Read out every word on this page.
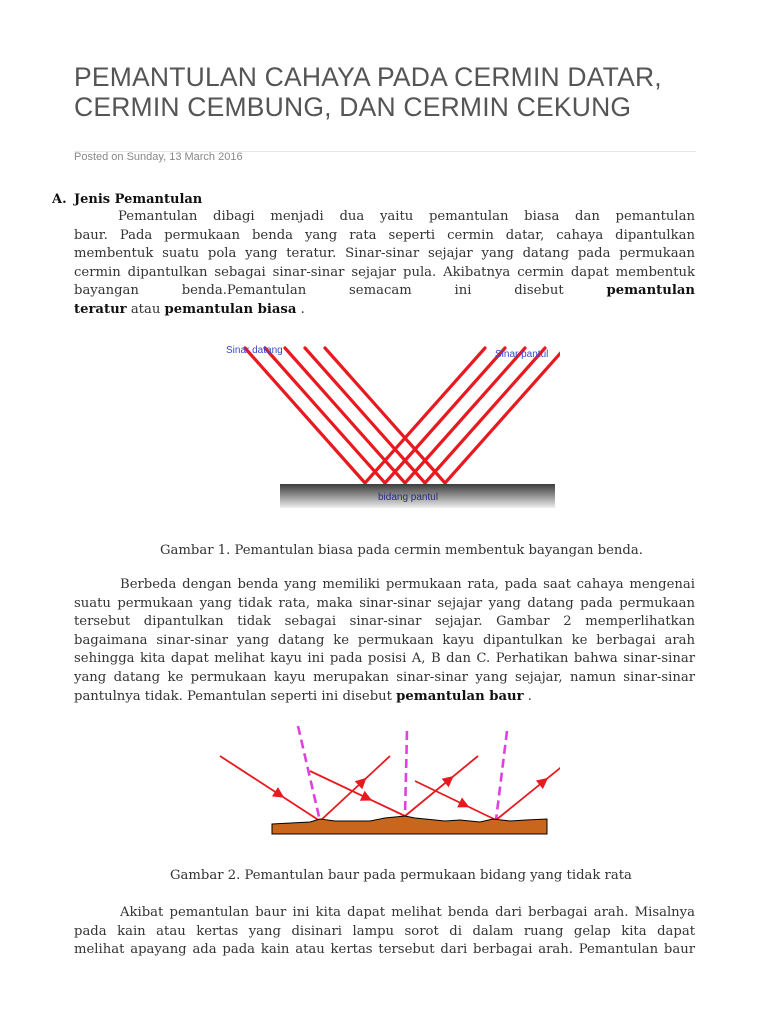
PEMANTULAN CAHAYA PADA CERMIN DATAR, CERMIN CEMBUNG, DAN CERMIN CEKUNG
Posted on Sunday, 13 March 2016
A. Jenis Pemantulan
Pemantulan dibagi menjadi dua yaitu pemantulan biasa dan pemantulan
baur. Pada permukaan benda yang rata seperti cermin datar, cahaya dipantulkan
membentuk suatu pola yang teratur. Sinar-sinar sejajar yang datang pada permukaan
cermin dipantulkan sebagai sinar-sinar sejajar pula. Akibatnya cermin dapat membentuk
bayangan benda.Pemantulan semacam ini disebut	pemantulan
teratur atau pemantulan biasa .
Sinar datang	Sinar pantul
bidang pantul
Gambar 1. Pemantulan biasa pada cermin membentuk bayangan benda.
Berbeda dengan benda yang memiliki permukaan rata, pada saat cahaya mengenai
suatu permukaan yang tidak rata, maka sinar-sinar sejajar yang datang pada permukaan
tersebut dipantulkan tidak sebagai sinar-sinar sejajar. Gambar 2 memperlihatkan
bagaimana sinar-sinar yang datang ke permukaan kayu dipantulkan ke berbagai arah
sehingga kita dapat melihat kayu ini pada posisi A, B dan C. Perhatikan bahwa sinar-sinar
yang datang ke permukaan kayu merupakan sinar-sinar yang sejajar, namun sinar-sinar
pantulnya tidak. Pemantulan seperti ini disebut pemantulan baur .
Gambar 2. Pemantulan baur pada permukaan bidang yang tidak rata
Akibat pemantulan baur ini kita dapat melihat benda dari berbagai arah. Misalnya
pada kain atau kertas yang disinari lampu sorot di dalam ruang gelap kita dapat
melihat apayang ada pada kain atau kertas tersebut dari berbagai arah. Pemantulan baur
